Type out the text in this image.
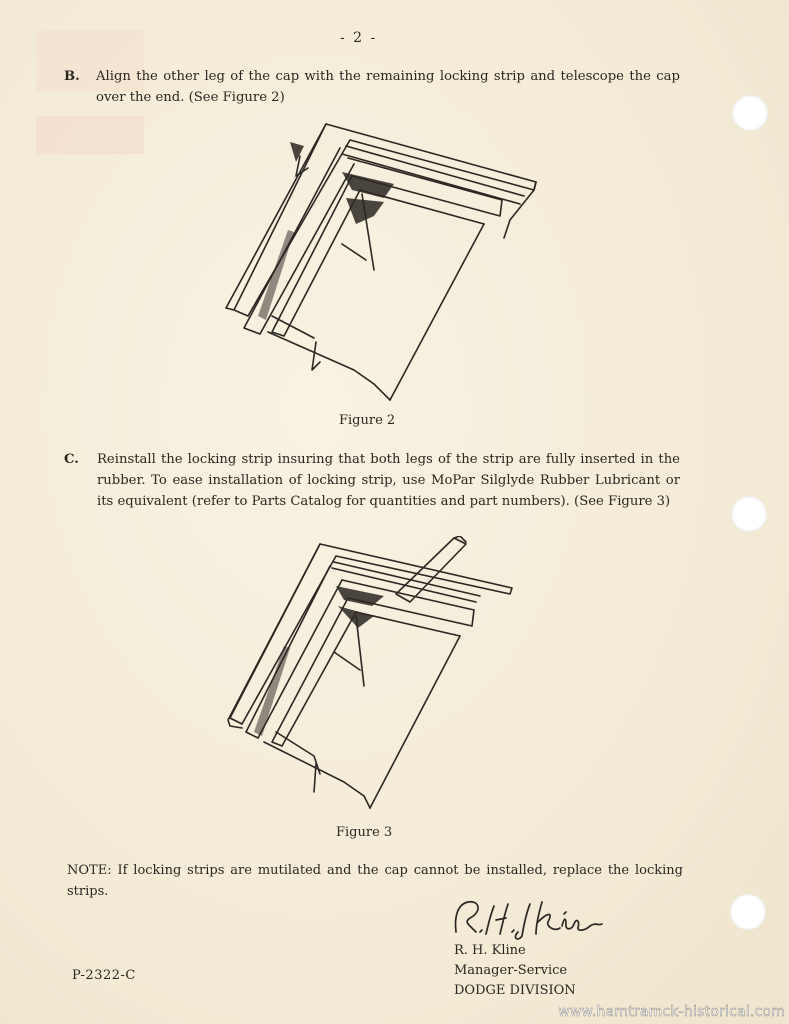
- 2 -
B. Align the other leg of the cap with the remaining locking strip and telescope the cap over the end. (See Figure 2)
Figure 2
C. Reinstall the locking strip insuring that both legs of the strip are fully inserted in the rubber. To ease installation of locking strip, use MoPar Silglyde Rubber Lubricant or its equivalent (refer to Parts Catalog for quantities and part numbers). (See Figure 3)
Figure 3
NOTE: If locking strips are mutilated and the cap cannot be installed, replace the locking strips.
R. H. Kline
Manager-Service
DODGE DIVISION
P-2322-C
www.hamtramck-historical.com
